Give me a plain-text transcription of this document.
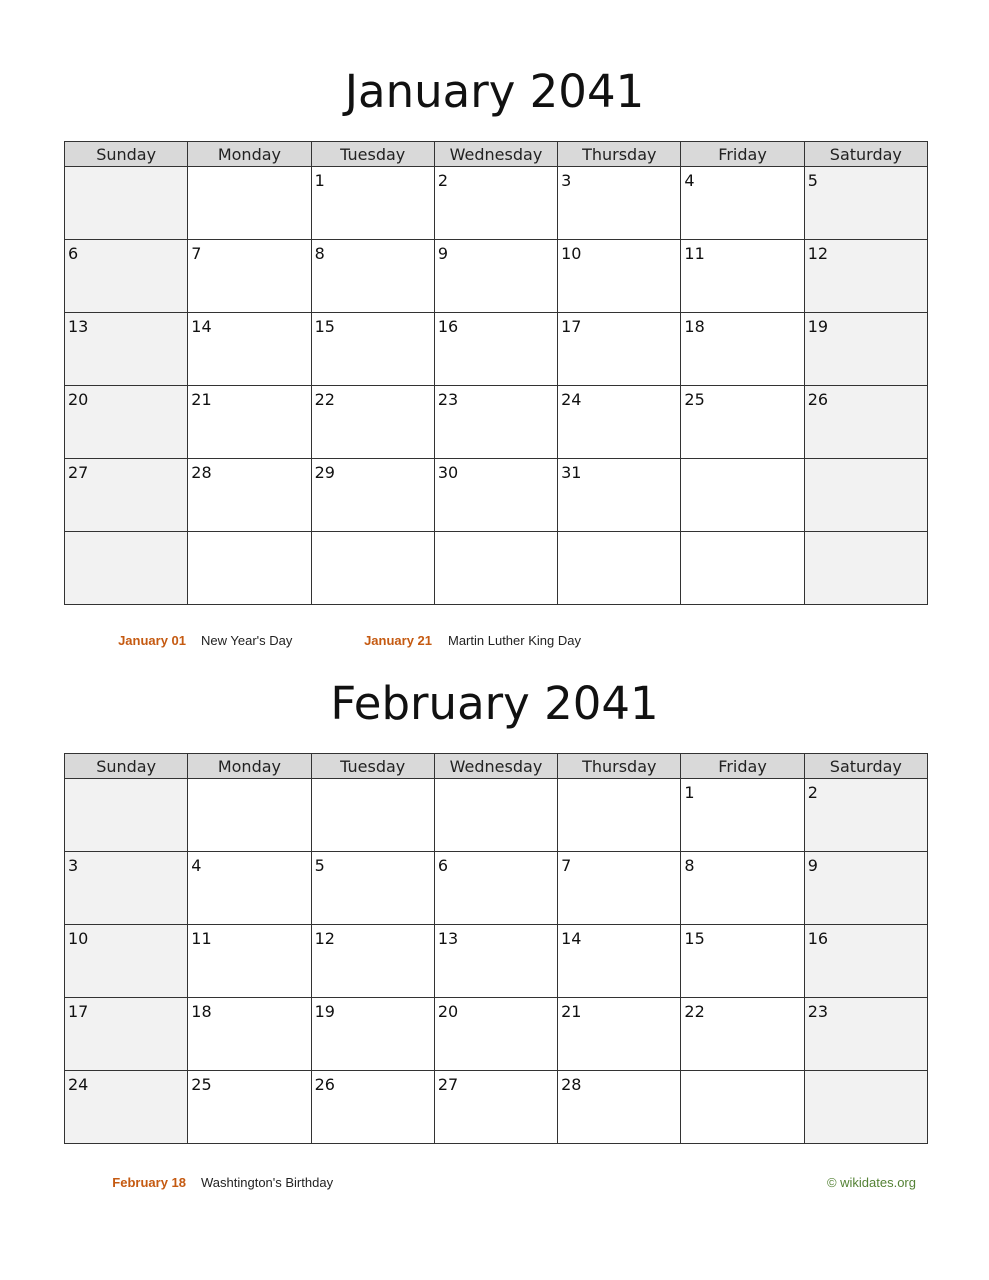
January 2041
Sunday	Monday	Tuesday	Wednesday	Thursday	Friday	Saturday

		1	2	3	4	5

6	7	8	9	10	11	12

13	14	15	16	17	18	19

20	21	22	23	24	25	26

27	28	29	30	31		

January 01 New Year's Day	January 21 Martin Luther King Day
February 2041
Sunday	Monday	Tuesday	Wednesday	Thursday	Friday	Saturday

					1	2

3	4	5	6	7	8	9

10	11	12	13	14	15	16

17	18	19	20	21	22	23

24	25	26	27	28		

February 18 Washtington's Birthday	© wikidates.org
